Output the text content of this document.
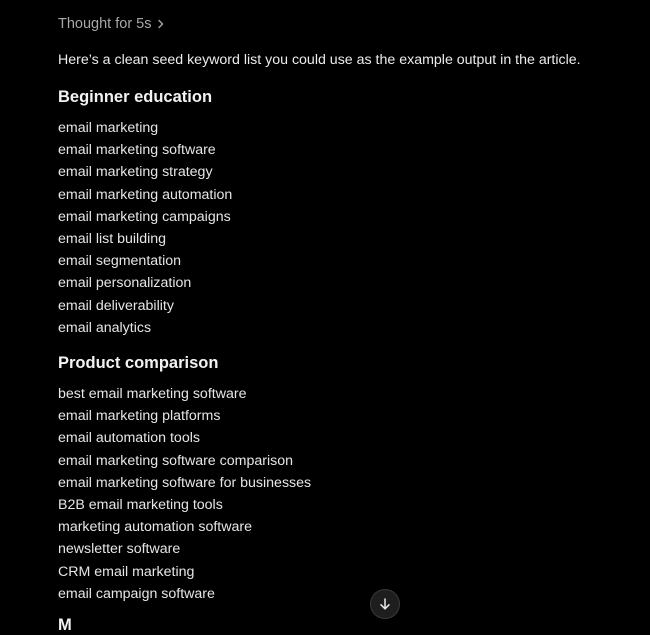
Thought for 5s
Here’s a clean seed keyword list you could use as the example output in the article.
Beginner education
email marketing
email marketing software
email marketing strategy
email marketing automation
email marketing campaigns
email list building
email segmentation
email personalization
email deliverability
email analytics
Product comparison
best email marketing software
email marketing platforms
email automation tools
email marketing software comparison
email marketing software for businesses
B2B email marketing tools
marketing automation software
newsletter software
CRM email marketing
email campaign software
M
